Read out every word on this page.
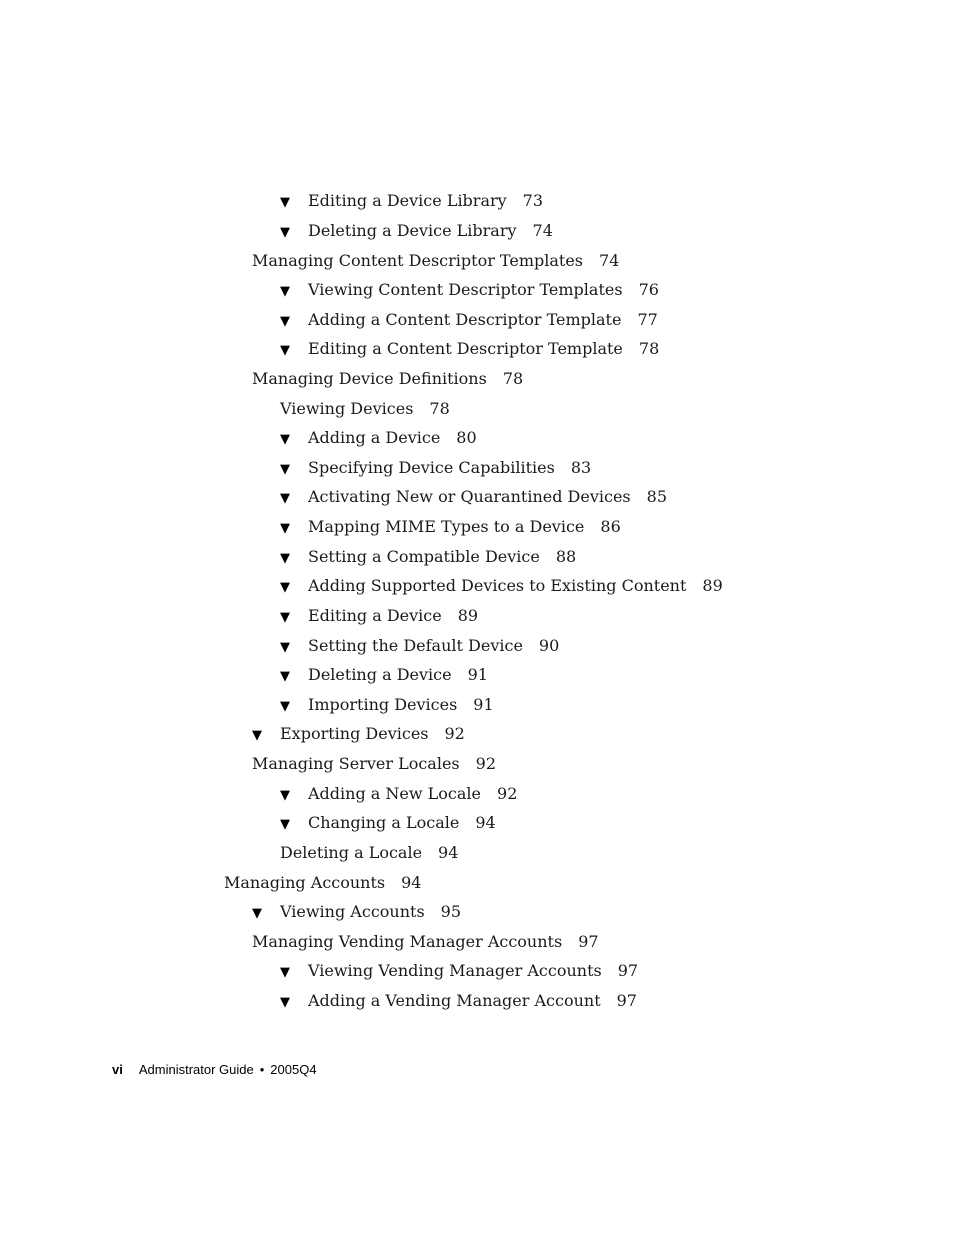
▼ Editing a Device Library 73
▼ Deleting a Device Library 74
Managing Content Descriptor Templates 74
▼ Viewing Content Descriptor Templates 76
▼ Adding a Content Descriptor Template 77
▼ Editing a Content Descriptor Template 78
Managing Device Definitions 78
Viewing Devices 78
▼ Adding a Device 80
▼ Specifying Device Capabilities 83
▼ Activating New or Quarantined Devices 85
▼ Mapping MIME Types to a Device 86
▼ Setting a Compatible Device 88
▼ Adding Supported Devices to Existing Content 89
▼ Editing a Device 89
▼ Setting the Default Device 90
▼ Deleting a Device 91
▼ Importing Devices 91
▼ Exporting Devices 92
Managing Server Locales 92
▼ Adding a New Locale 92
▼ Changing a Locale 94
Deleting a Locale 94
Managing Accounts 94
▼ Viewing Accounts 95
Managing Vending Manager Accounts 97
▼ Viewing Vending Manager Accounts 97
▼ Adding a Vending Manager Account 97
vi Administrator Guide • 2005Q4
